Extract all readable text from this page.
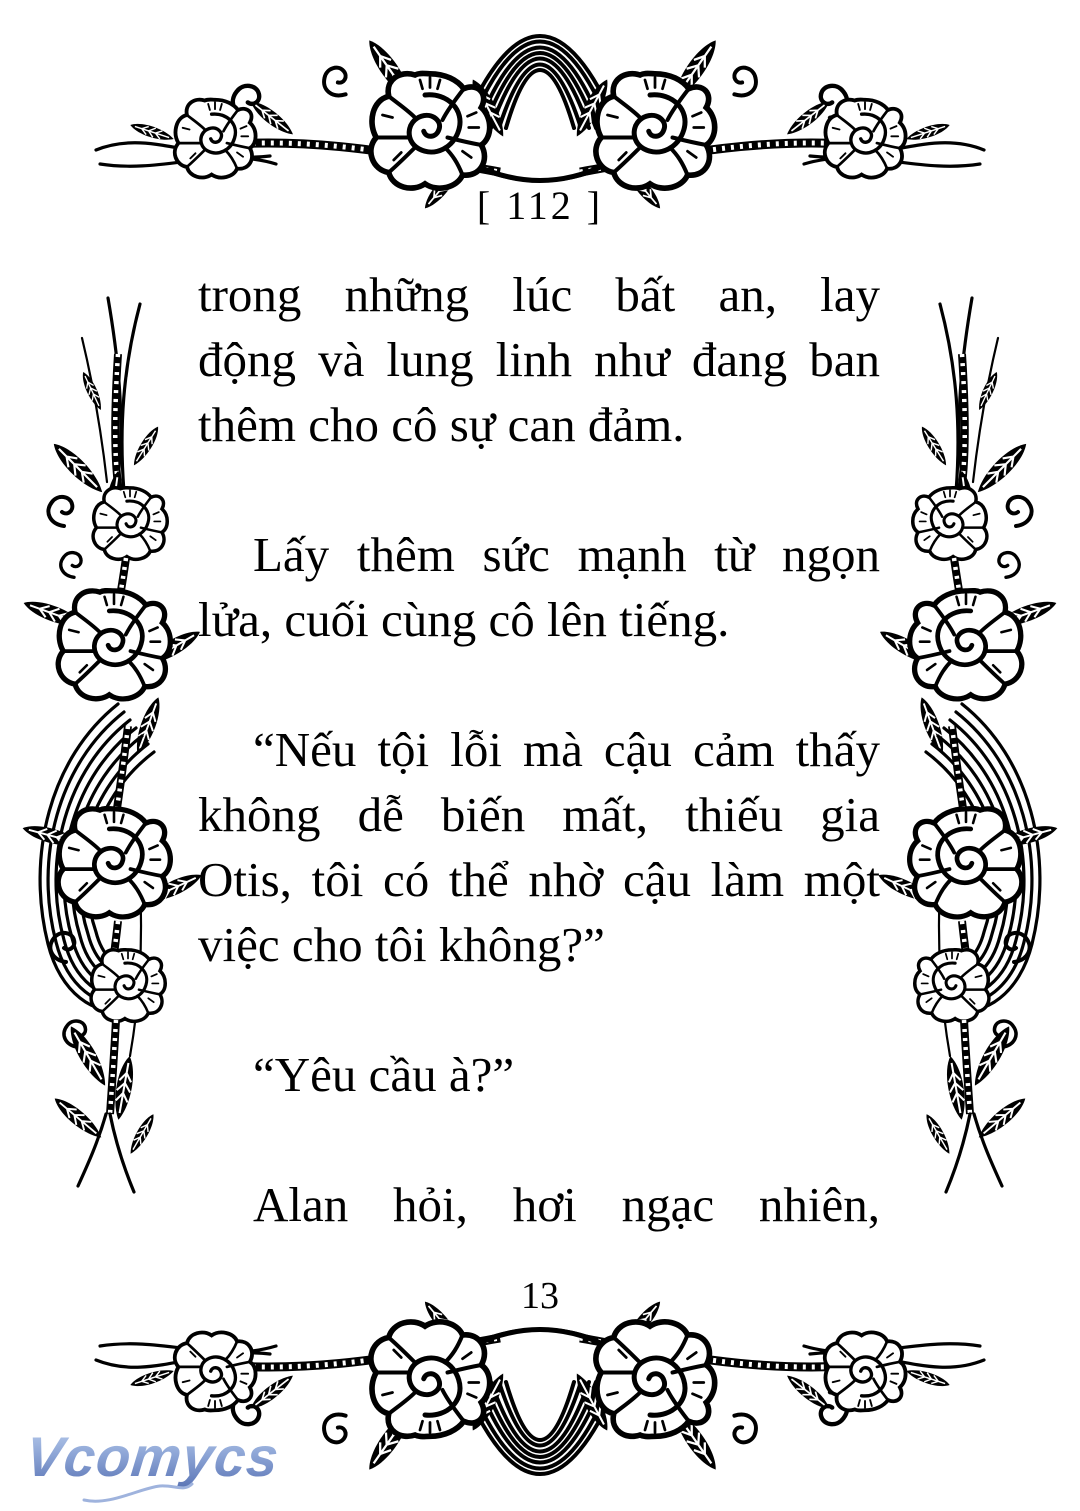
[ 112 ]
trong những lúc bất an, lay
động và lung linh như đang ban
thêm cho cô sự can đảm.
Lấy thêm sức mạnh từ ngọn
lửa, cuối cùng cô lên tiếng.
“Nếu tội lỗi mà cậu cảm thấy
không dễ biến mất, thiếu gia
Otis, tôi có thể nhờ cậu làm một
việc cho tôi không?”
“Yêu cầu à?”
Alan hỏi, hơi ngạc nhiên,
13
Vcomycs
